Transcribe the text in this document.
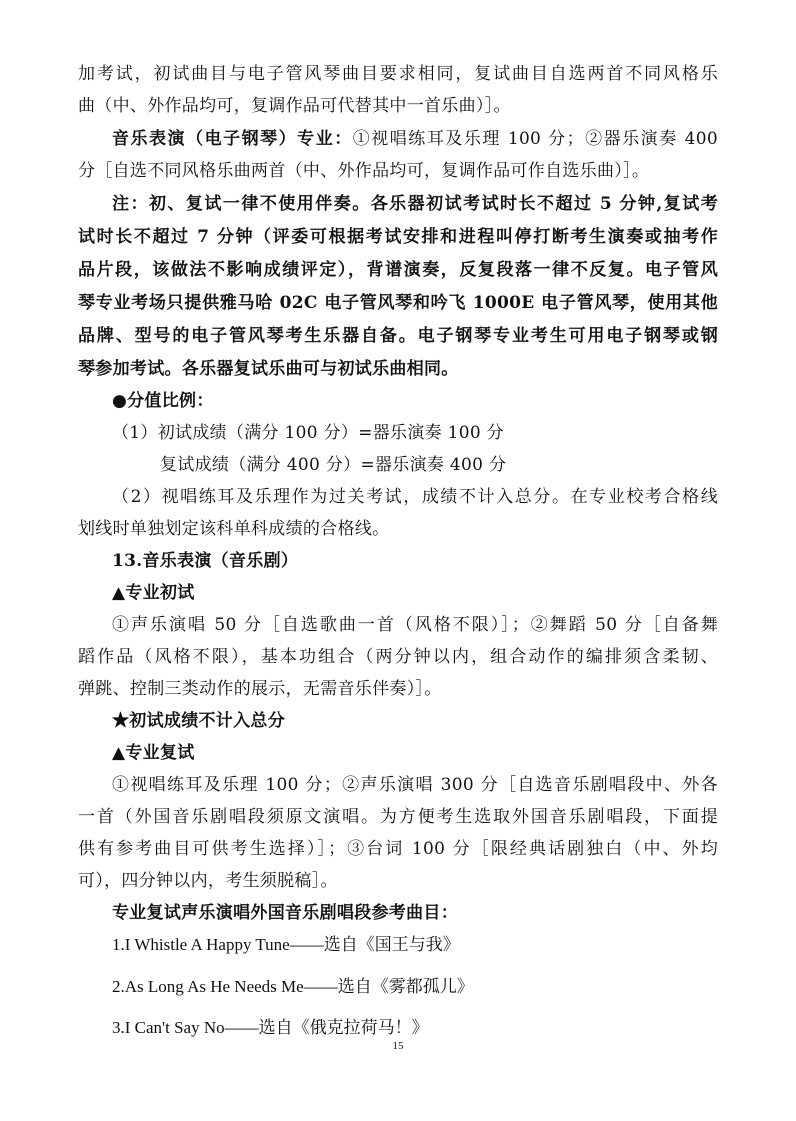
加考试，初试曲目与电子管风琴曲目要求相同，复试曲目自选两首不同风格乐
曲（中、外作品均可，复调作品可代替其中一首乐曲）］。
音乐表演（电子钢琴）专业：①视唱练耳及乐理 100 分；②器乐演奏 400
分［自选不同风格乐曲两首（中、外作品均可，复调作品可作自选乐曲）］。
注：初、复试一律不使用伴奏。各乐器初试考试时长不超过 5 分钟,复试考
试时长不超过 7 分钟（评委可根据考试安排和进程叫停打断考生演奏或抽考作
品片段，该做法不影响成绩评定），背谱演奏，反复段落一律不反复。电子管风
琴专业考场只提供雅马哈 02C 电子管风琴和吟飞 1000E 电子管风琴，使用其他
品牌、型号的电子管风琴考生乐器自备。电子钢琴专业考生可用电子钢琴或钢
琴参加考试。各乐器复试乐曲可与初试乐曲相同。
●分值比例：
（1）初试成绩（满分 100 分）=器乐演奏 100 分
复试成绩（满分 400 分）=器乐演奏 400 分
（2）视唱练耳及乐理作为过关考试，成绩不计入总分。在专业校考合格线
划线时单独划定该科单科成绩的合格线。
13.音乐表演（音乐剧）
▲专业初试
①声乐演唱 50 分［自选歌曲一首（风格不限）］；②舞蹈 50 分［自备舞
蹈作品（风格不限），基本功组合（两分钟以内，组合动作的编排须含柔韧、
弹跳、控制三类动作的展示，无需音乐伴奏）］。
★初试成绩不计入总分
▲专业复试
①视唱练耳及乐理 100 分；②声乐演唱 300 分［自选音乐剧唱段中、外各
一首（外国音乐剧唱段须原文演唱。为方便考生选取外国音乐剧唱段，下面提
供有参考曲目可供考生选择）］；③台词 100 分［限经典话剧独白（中、外均
可），四分钟以内，考生须脱稿］。
专业复试声乐演唱外国音乐剧唱段参考曲目：
1.I Whistle A Happy Tune——选自《国王与我》
2.As Long As He Needs Me——选自《雾都孤儿》
3.I Can't Say No——选自《俄克拉荷马！》
15
